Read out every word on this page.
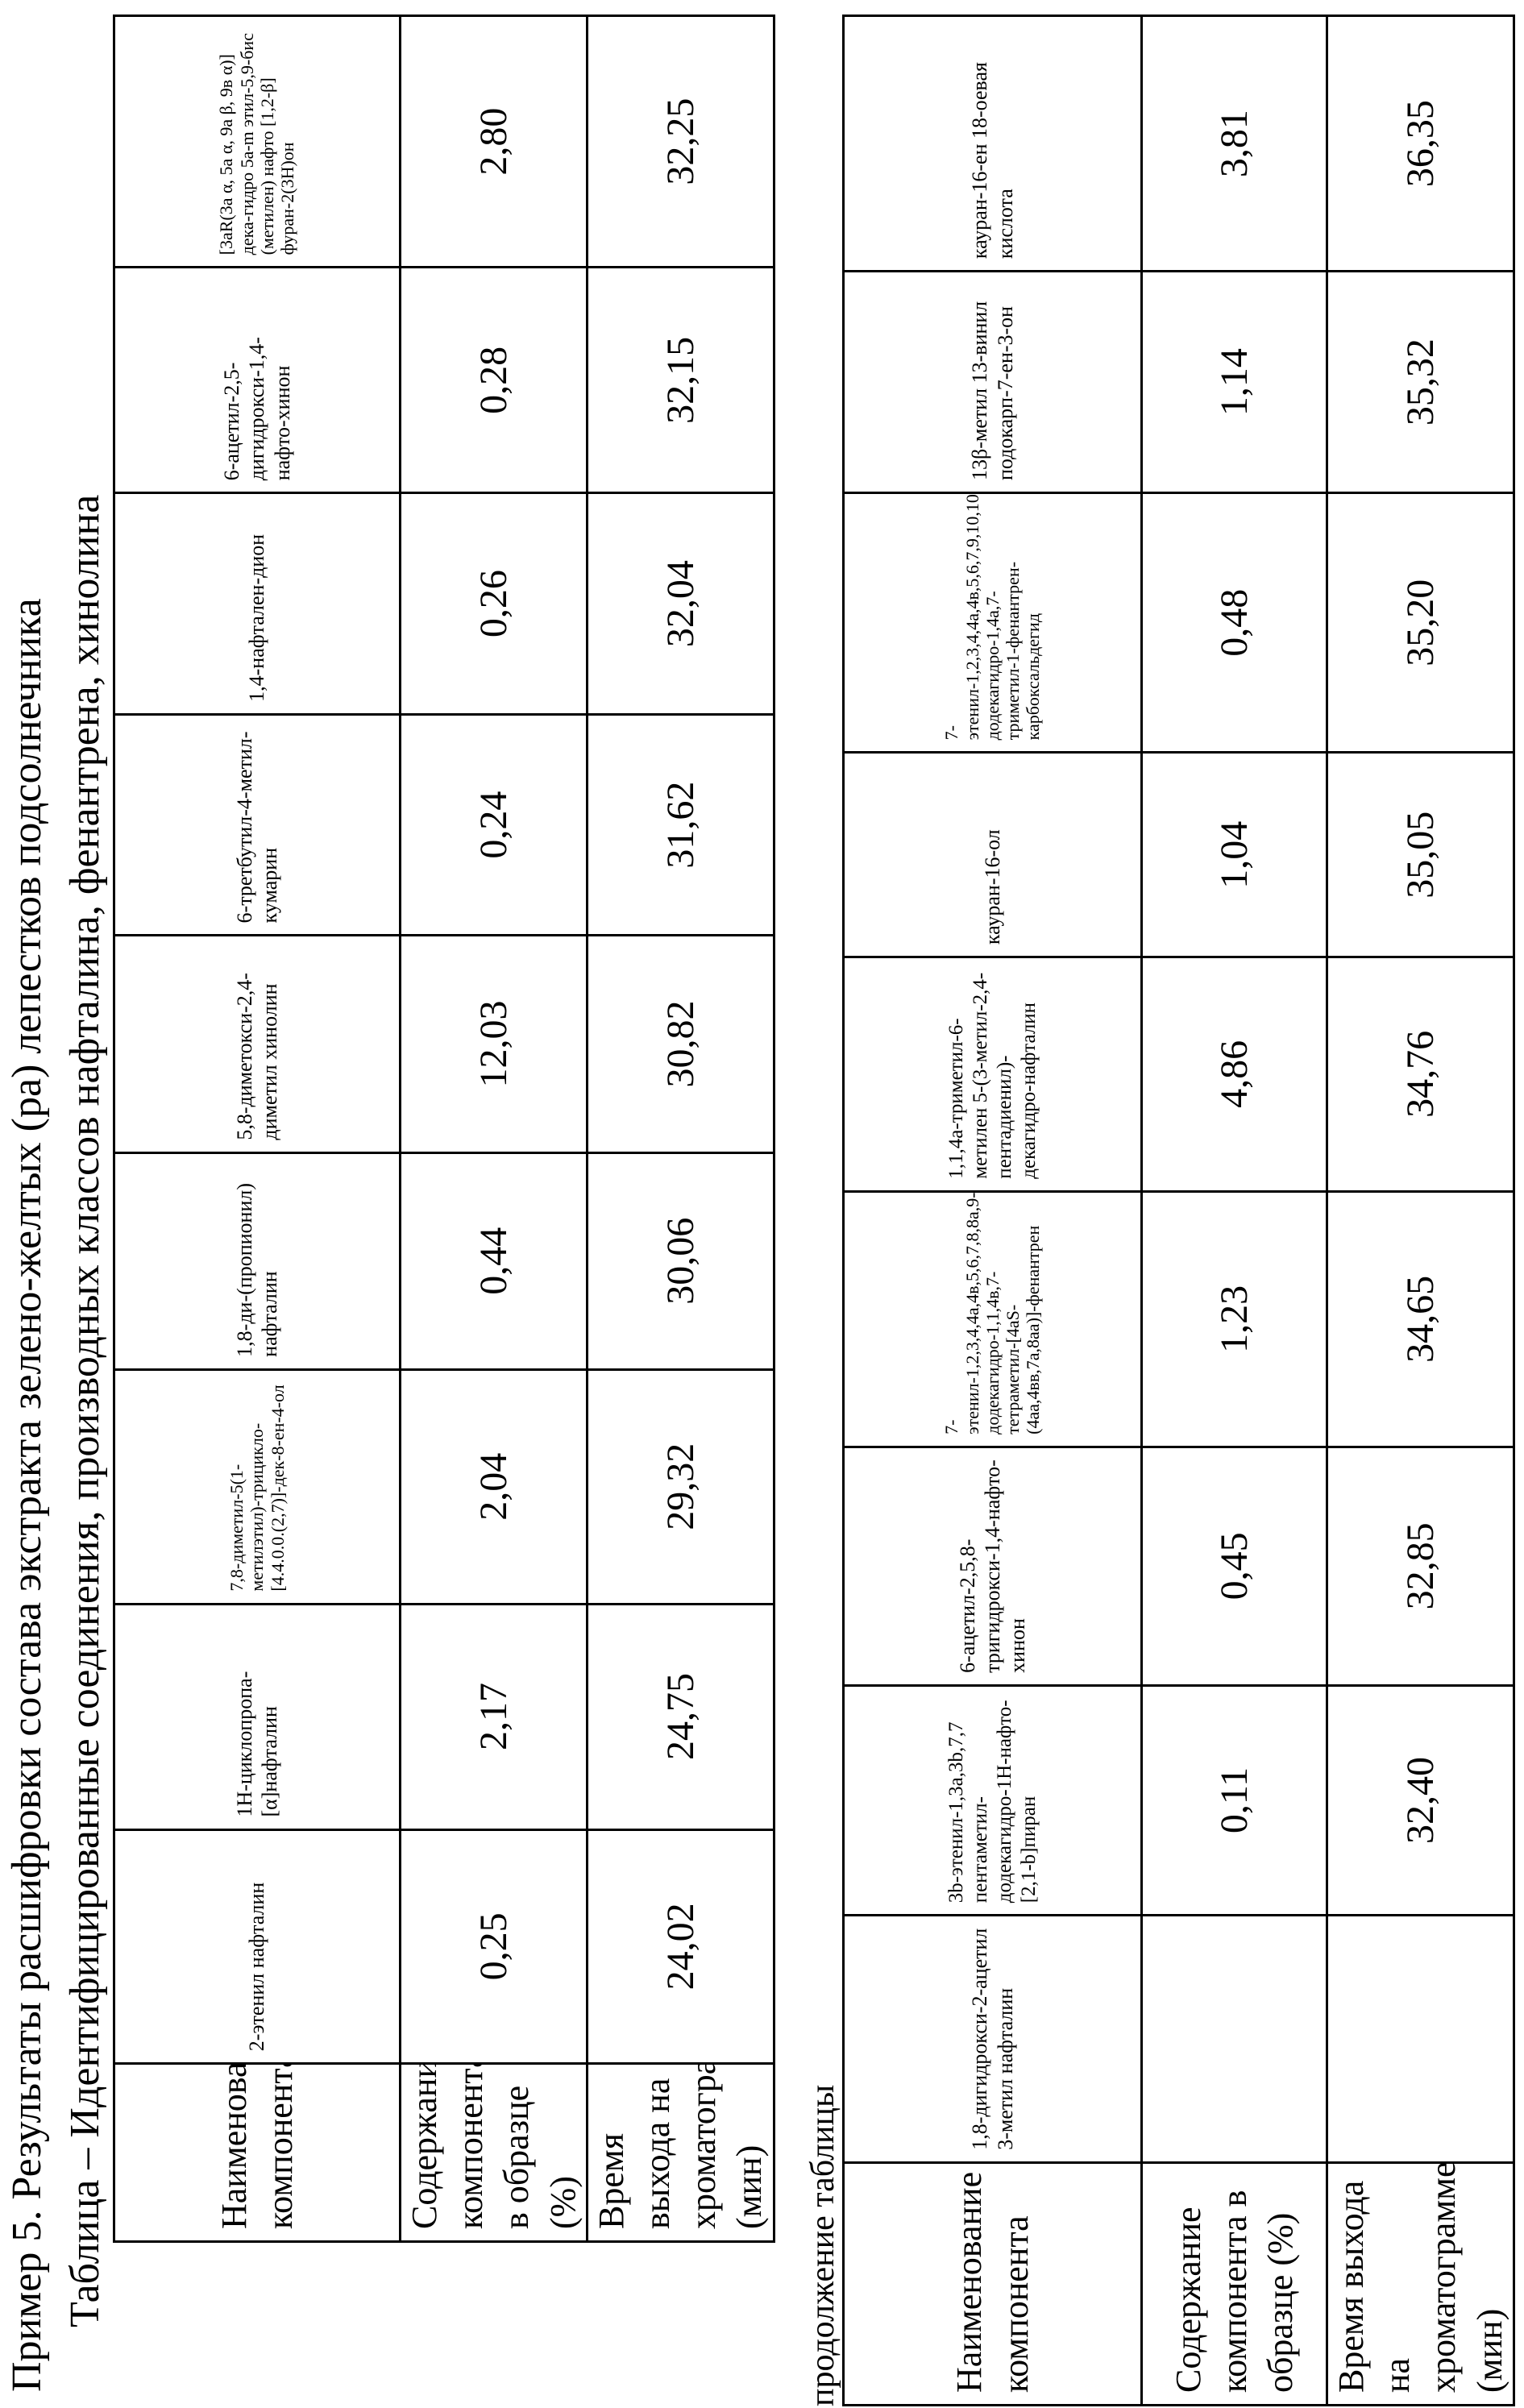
Пример 5. Результаты расшифровки состава экстракта зелено-желтых (ра) лепестков подсолнечника Таблица – Идентифицированные соединения, производных классов нафталина, фенантрена, хинолина	Наименование компонента	2-этенил нафталин	1Н-циклопропа-[α]нафталин	7,8-диметил-5(1-метилэтил)-трицикло-[4.4.0.0.(2,7)]-дек-8-ен-4-ол	1,8-ди-(пропионил) нафталин	5,8-диметокси-2,4-диметил хинолин	6-третбутил-4-метил-кумарин	1,4-нафтален-дион	6-ацетил-2,5-дигидрокси-1,4-нафто-хинон	[3aR(3a α, 5a α, 9a β, 9в α)] дека-гидро 5а-m этил-5,9-бис (метилен) нафто [1,2-β] фуран-2(3Н)он
Содержание компонента в образце (%)	0,25	2,17	2,04	0,44	12,03	0,24	0,26	0,28	2,80
Время выхода на хроматограмме (мин)	24,02	24,75	29,32	30,06	30,82	31,62	32,04	32,15	32,25
продолжение таблицы	Наименование компонента	1,8-дигидрокси-2-ацетил 3-метил нафталин	3b-этенил-1,3a,3b,7,7 пентаметил-додекагидро-1Н-нафто-[2,1-b]пиран	6-ацетил-2,5,8-тригидрокси-1,4-нафто-хинон	7-этенил-1,2,3,4,4a,4в,5,6,7,8,8a,9-додекагидро-1,1,4в,7-тетраметил-[4aS-(4aa,4вв,7a,8aa)]-фенантрен	1,1,4a-триметил-6-метилен 5-(3-метил-2,4-пентадиенил)-декагидро-нафталин	кауран-16-ол	7-этенил-1,2,3,4,4a,4в,5,6,7,9,10,10a-додекагидро-1,4a,7-триметил-1-фенантрен-карбоксальдегид	13β-метил 13-винил подокарп-7-ен-3-он	кауран-16-ен 18-оевая кислота
Содержание компонента в образце (%)		0,11	0,45	1,23	4,86	1,04	0,48	1,14	3,81
Время выхода на хроматограмме, (мин)		32,40	32,85	34,65	34,76	35,05	35,20	35,32	36,35
